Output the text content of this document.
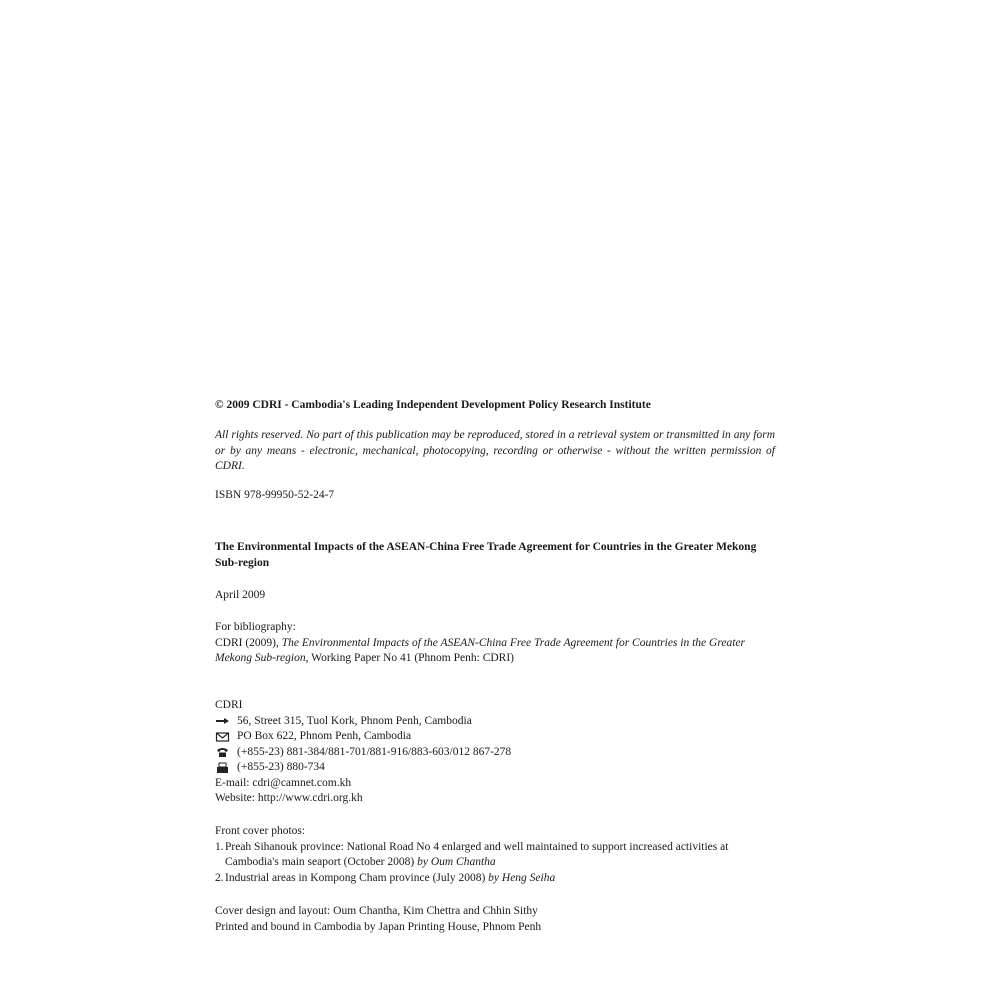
© 2009 CDRI - Cambodia's Leading Independent Development Policy Research Institute
All rights reserved. No part of this publication may be reproduced, stored in a retrieval system or transmitted in any form or by any means - electronic, mechanical, photocopying, recording or otherwise - without the written permission of CDRI.
ISBN 978-99950-52-24-7
The Environmental Impacts of the ASEAN-China Free Trade Agreement for Countries in the Greater Mekong Sub-region
April 2009
For bibliography:
CDRI (2009), The Environmental Impacts of the ASEAN-China Free Trade Agreement for Countries in the Greater Mekong Sub-region, Working Paper No 41 (Phnom Penh: CDRI)
CDRI
56, Street 315, Tuol Kork, Phnom Penh, Cambodia
PO Box 622, Phnom Penh, Cambodia
(+855-23) 881-384/881-701/881-916/883-603/012 867-278
(+855-23) 880-734
E-mail: cdri@camnet.com.kh
Website: http://www.cdri.org.kh
Front cover photos:
1. Preah Sihanouk province: National Road No 4 enlarged and well maintained to support increased activities at Cambodia's main seaport (October 2008) by Oum Chantha
2. Industrial areas in Kompong Cham province (July 2008) by Heng Seiha
Cover design and layout: Oum Chantha, Kim Chettra and Chhin Sithy
Printed and bound in Cambodia by Japan Printing House, Phnom Penh
